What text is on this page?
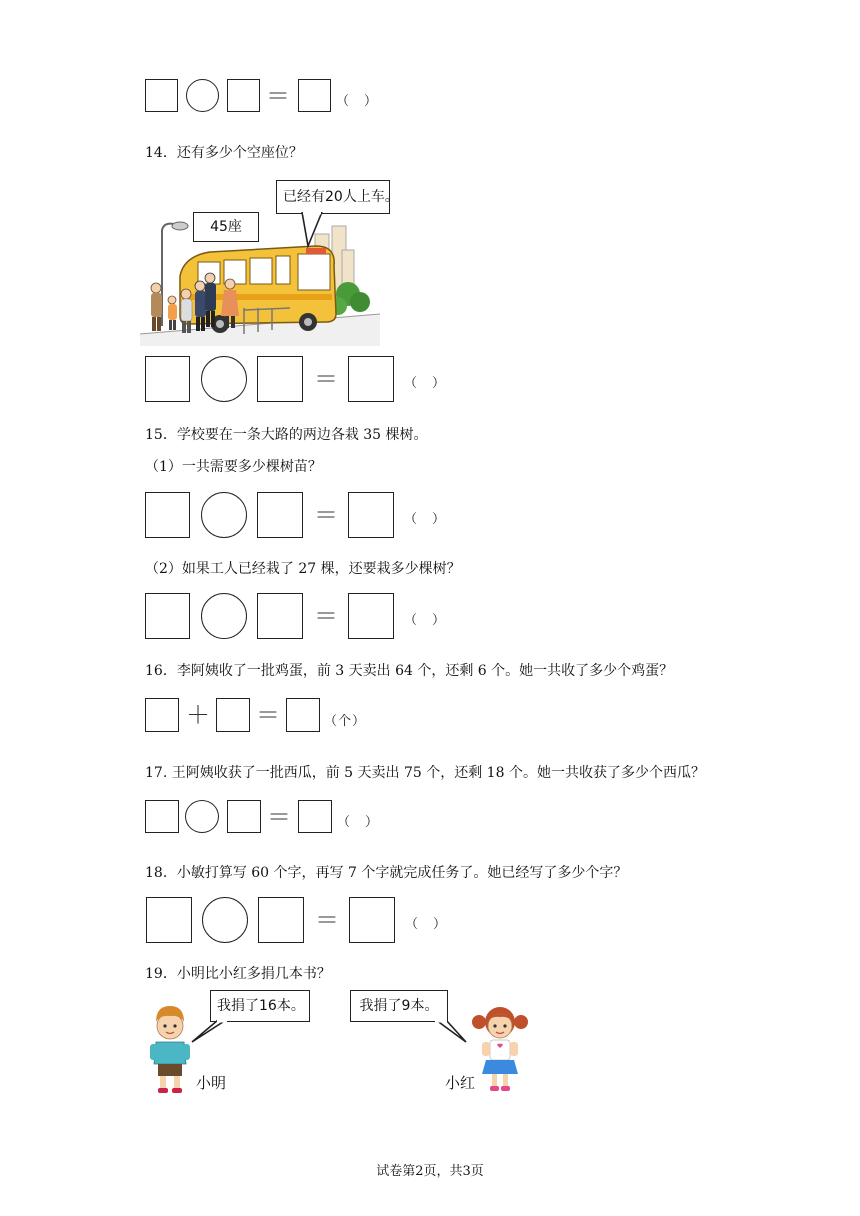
＝	（　）
14．还有多少个空座位？
45座
已经有20人上车。
＝	（　）
15．学校要在一条大路的两边各栽 35 棵树。
（1）一共需要多少棵树苗？
＝	（　）
（2）如果工人已经栽了 27 棵，还要栽多少棵树？
＝	（　）
16．李阿姨收了一批鸡蛋，前 3 天卖出 64 个，还剩 6 个。她一共收了多少个鸡蛋？
＋ ＝	（个）
17. 王阿姨收获了一批西瓜，前 5 天卖出 75 个，还剩 18 个。她一共收获了多少个西瓜？
＝	（　）
18．小敏打算写 60 个字，再写 7 个字就完成任务了。她已经写了多少个字？
＝	（　）
19．小明比小红多捐几本书？
我捐了16本。	我捐了9本。
小明	小红
试卷第2页，共3页
